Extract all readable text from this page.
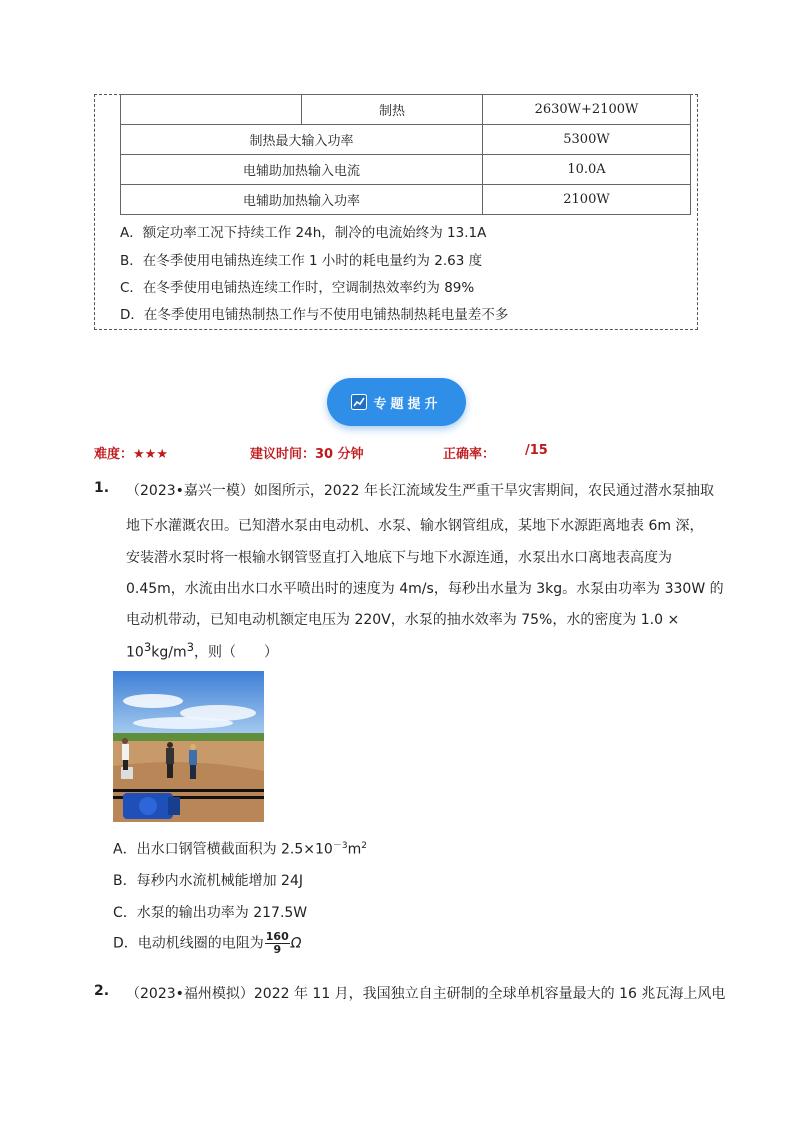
	制热	2630W+2100W
制热最大输入功率		5300W
电辅助加热输入电流		10.0A
电辅助加热输入功率		2100W
A．额定功率工况下持续工作 24h，制冷的电流始终为 13.1A
B．在冬季使用电铺热连续工作 1 小时的耗电量约为 2.63 度
C．在冬季使用电铺热连续工作时，空调制热效率约为 89%
D．在冬季使用电铺热制热工作与不使用电铺热制热耗电量差不多
专题提升
难度：★★★	建议时间：30 分钟	正确率： /15
1. （2023•嘉兴一模）如图所示，2022 年长江流域发生严重干旱灾害期间，农民通过潜水泵抽取
地下水灌溉农田。已知潜水泵由电动机、水泵、输水钢管组成，某地下水源距离地表 6m 深，
安装潜水泵时将一根输水钢管竖直打入地底下与地下水源连通，水泵出水口离地表高度为
0.45m，水流由出水口水平喷出时的速度为 4m/s，每秒出水量为 3kg。水泵由功率为 330W 的
电动机带动，已知电动机额定电压为 220V，水泵的抽水效率为 75%，水的密度为 1.0 ×
$10^3kg/m^3$，则（　　）
A．出水口钢管横截面积为 $2.5\times 10^{-3}m^2$
B．每秒内水流机械能增加 24J
C．水泵的输出功率为 217.5W
D．电动机线圈的电阻为 $\frac{160}{9}$ Ω
2. （2023•福州模拟）2022 年 11 月，我国独立自主研制的全球单机容量最大的 16 兆瓦海上风电
